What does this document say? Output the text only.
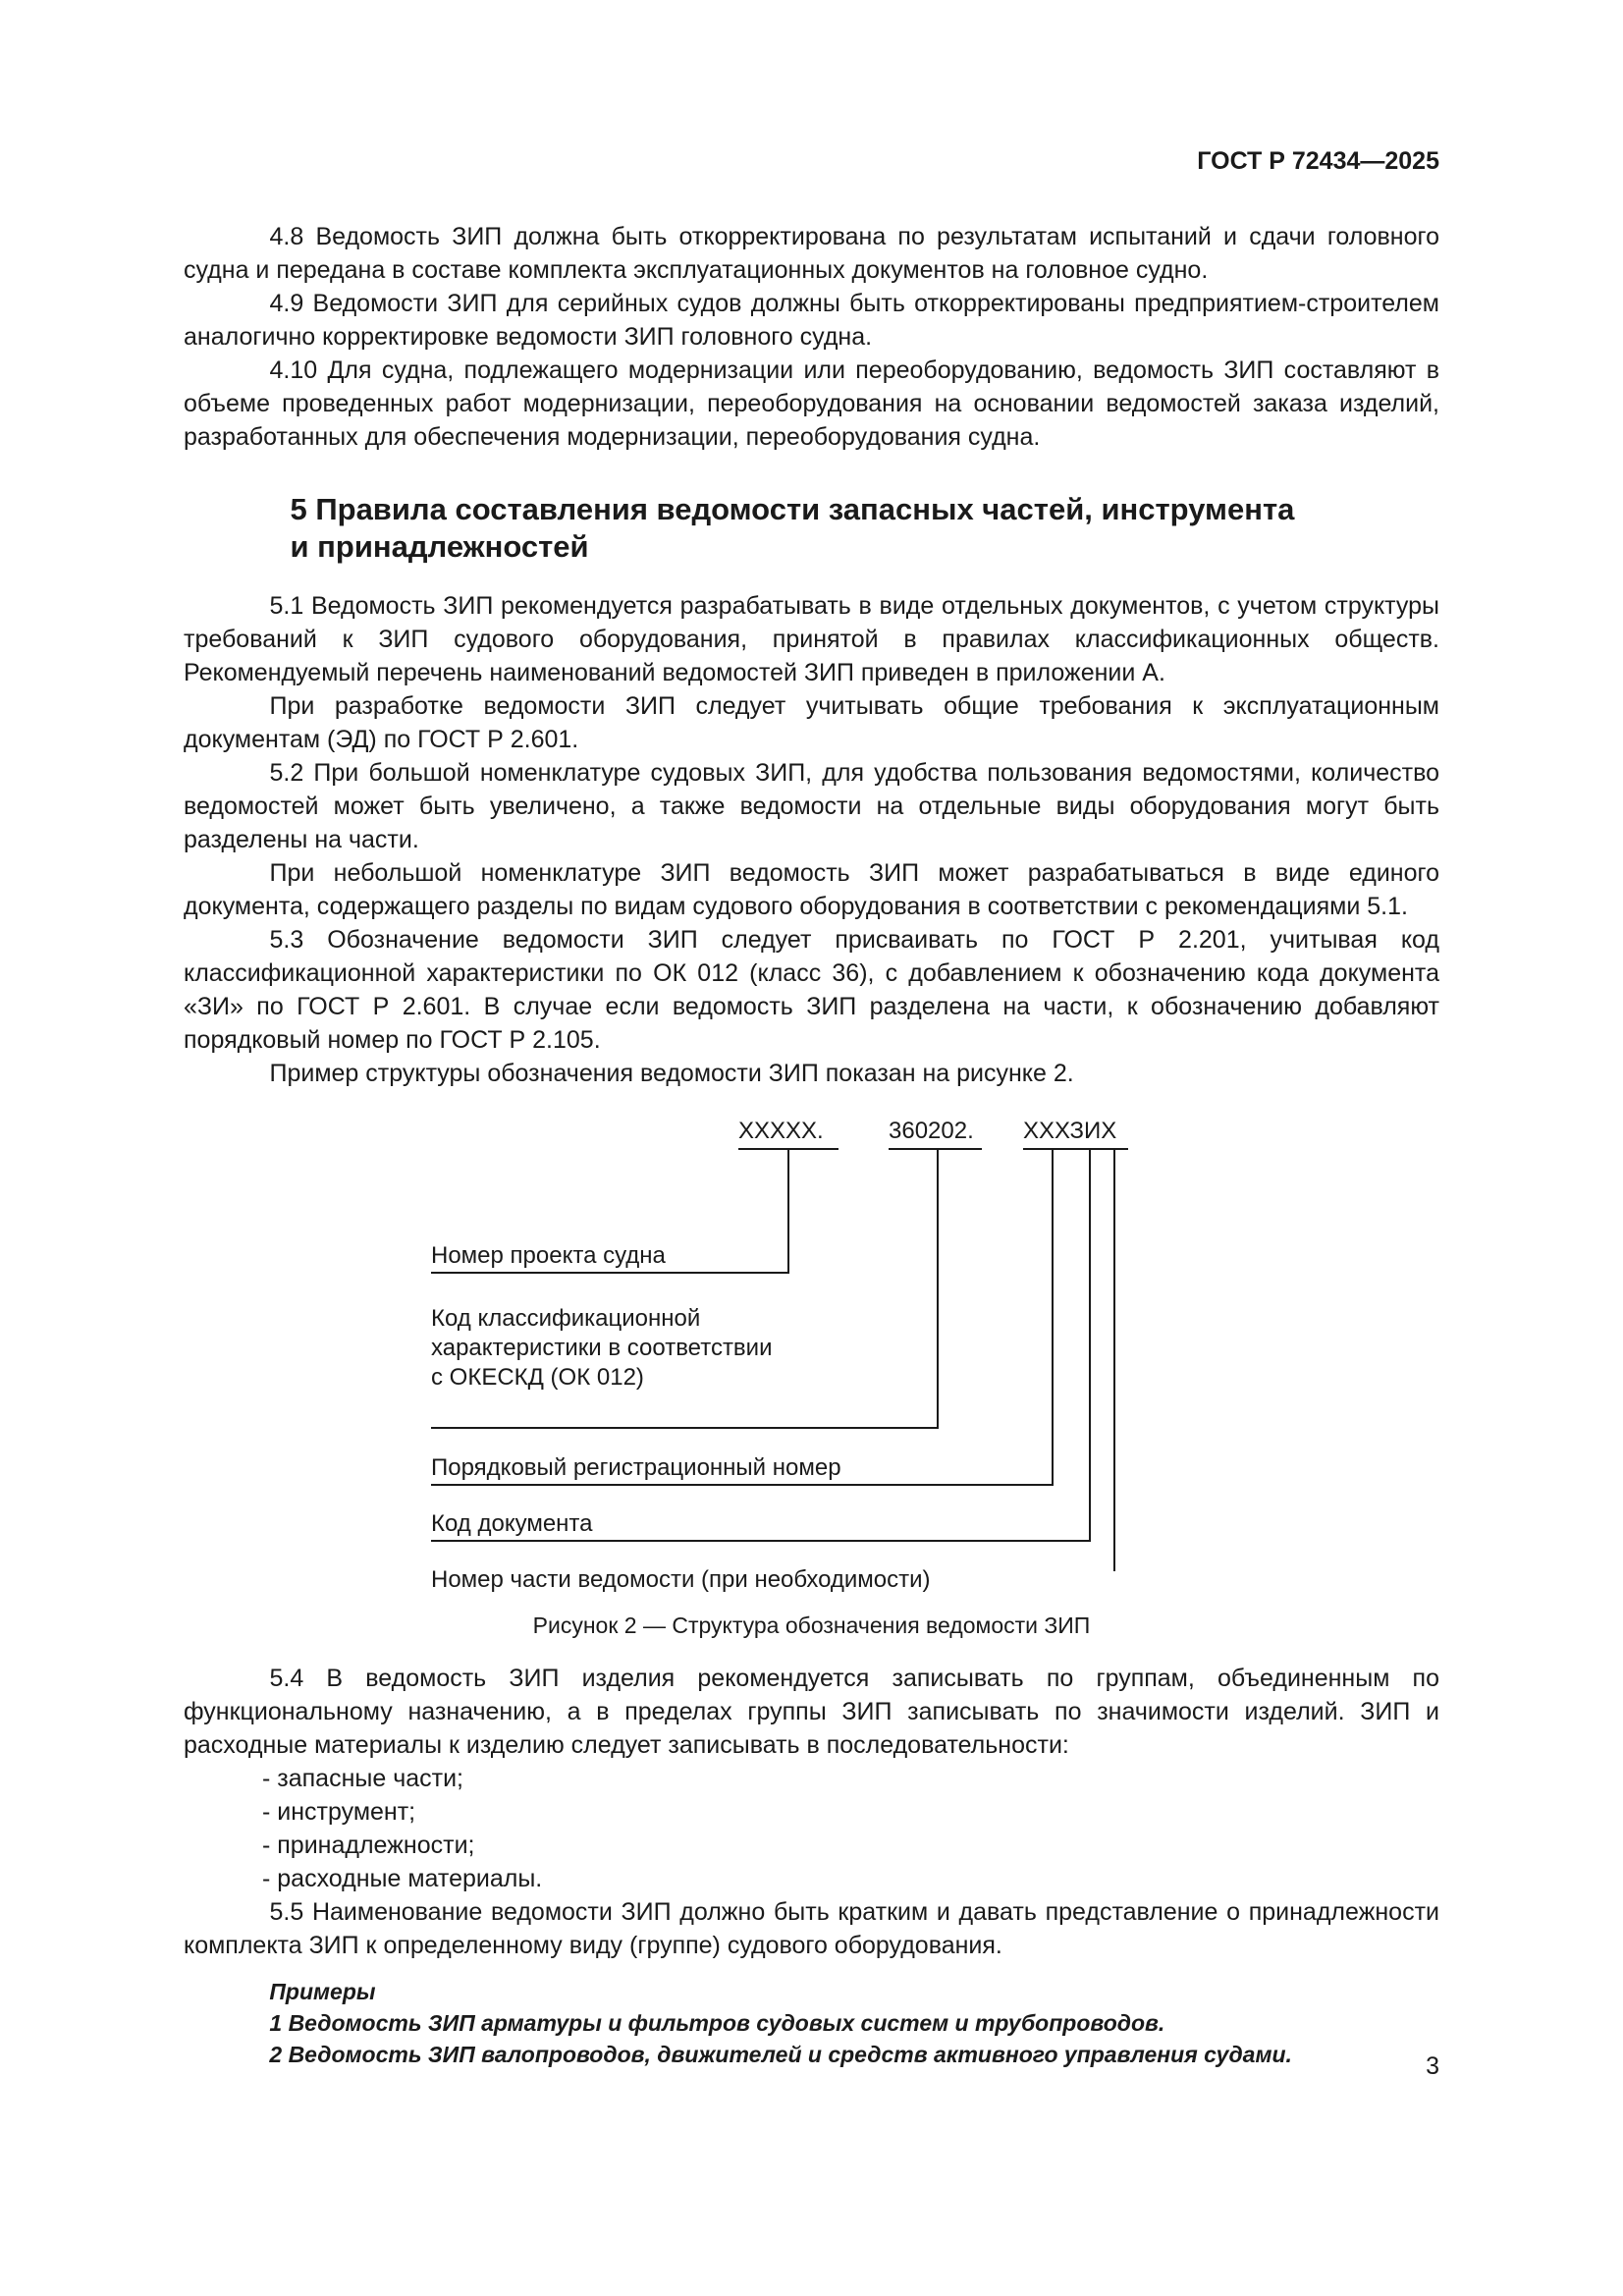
ГОСТ Р 72434—2025

4.8 Ведомость ЗИП должна быть откорректирована по результатам испытаний и сдачи головного судна и передана в составе комплекта эксплуатационных документов на головное судно.

4.9 Ведомости ЗИП для серийных судов должны быть откорректированы предприятием-строителем аналогично корректировке ведомости ЗИП головного судна.

4.10 Для судна, подлежащего модернизации или переоборудованию, ведомость ЗИП составляют в объеме проведенных работ модернизации, переоборудования на основании ведомостей заказа изделий, разработанных для обеспечения модернизации, переоборудования судна.

5 Правила составления ведомости запасных частей, инструмента
и принадлежностей

5.1 Ведомость ЗИП рекомендуется разрабатывать в виде отдельных документов, с учетом структуры требований к ЗИП судового оборудования, принятой в правилах классификационных обществ. Рекомендуемый перечень наименований ведомостей ЗИП приведен в приложении А.

При разработке ведомости ЗИП следует учитывать общие требования к эксплуатационным документам (ЭД) по ГОСТ Р 2.601.

5.2 При большой номенклатуре судовых ЗИП, для удобства пользования ведомостями, количество ведомостей может быть увеличено, а также ведомости на отдельные виды оборудования могут быть разделены на части.

При небольшой номенклатуре ЗИП ведомость ЗИП может разрабатываться в виде единого документа, содержащего разделы по видам судового оборудования в соответствии с рекомендациями 5.1.

5.3 Обозначение ведомости ЗИП следует присваивать по ГОСТ Р 2.201, учитывая код классификационной характеристики по ОК 012 (класс 36), с добавлением к обозначению кода документа «ЗИ» по ГОСТ Р 2.601. В случае если ведомость ЗИП разделена на части, к обозначению добавляют порядковый номер по ГОСТ Р 2.105.

Пример структуры обозначения ведомости ЗИП показан на рисунке 2.

ХХХХХ.	360202. ХХХЗИХ
Номер проекта судна
Код классификационной
характеристики в соответствии
с ОКЕСКД (ОК 012)
Порядковый регистрационный номер
Код документа
Номер части ведомости (при необходимости)
Рисунок 2 — Структура обозначения ведомости ЗИП

5.4 В ведомость ЗИП изделия рекомендуется записывать по группам, объединенным по функциональному назначению, а в пределах группы ЗИП записывать по значимости изделий. ЗИП и расходные материалы к изделию следует записывать в последовательности:

- запасные части;
- инструмент;
- принадлежности;
- расходные материалы.

5.5 Наименование ведомости ЗИП должно быть кратким и давать представление о принадлежности комплекта ЗИП к определенному виду (группе) судового оборудования.

Примеры
1 Ведомость ЗИП арматуры и фильтров судовых систем и трубопроводов.
2 Ведомость ЗИП валопроводов, движителей и средств активного управления судами.	3
